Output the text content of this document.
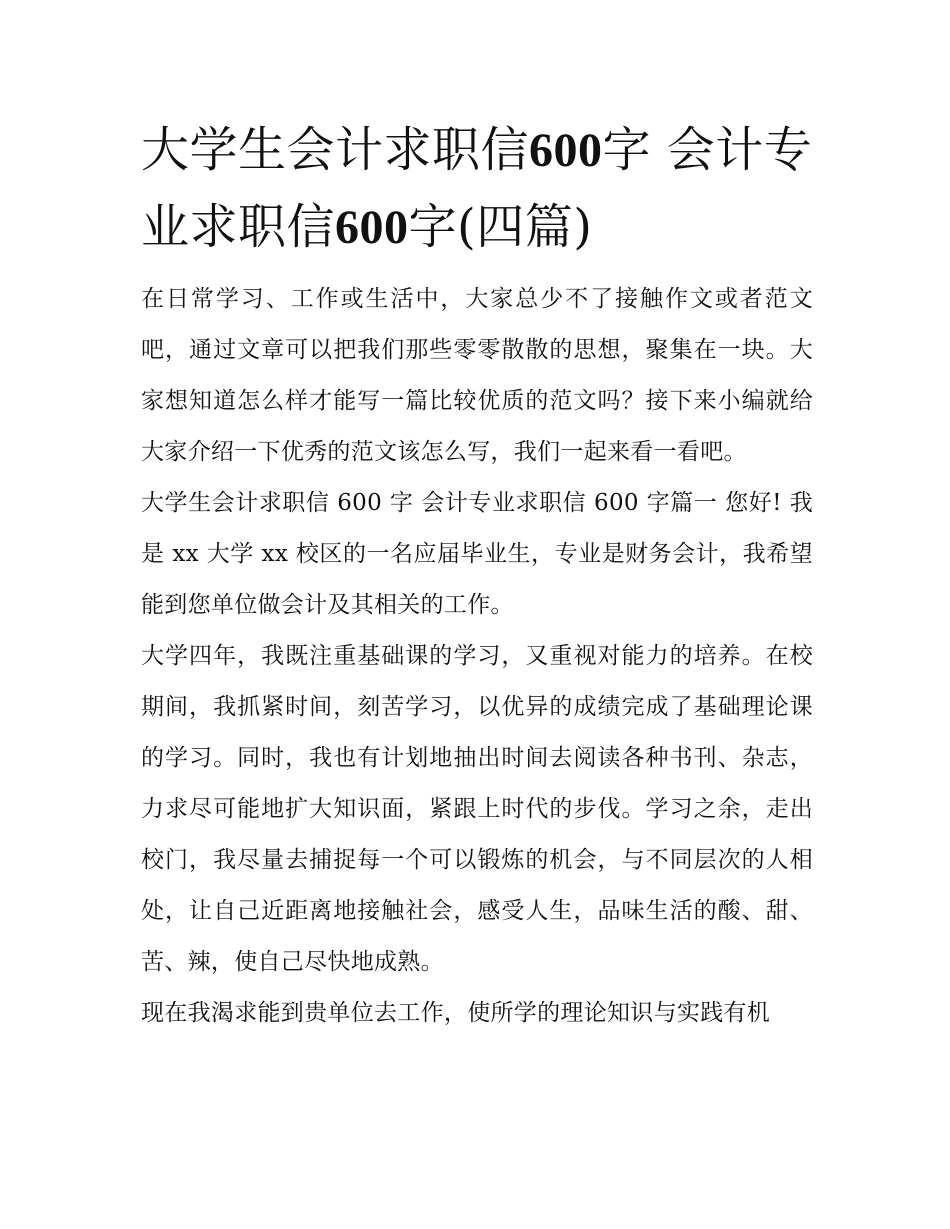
大学生会计求职信600字 会计专业求职信600字(四篇)

在日常学习、工作或生活中，大家总少不了接触作文或者范文吧，通过文章可以把我们那些零零散散的思想，聚集在一块。大家想知道怎么样才能写一篇比较优质的范文吗？接下来小编就给大家介绍一下优秀的范文该怎么写，我们一起来看一看吧。

大学生会计求职信 600 字 会计专业求职信 600 字篇一 您好! 我是 xx 大学 xx 校区的一名应届毕业生，专业是财务会计，我希望能到您单位做会计及其相关的工作。

大学四年，我既注重基础课的学习，又重视对能力的培养。在校期间，我抓紧时间，刻苦学习，以优异的成绩完成了基础理论课的学习。同时，我也有计划地抽出时间去阅读各种书刊、杂志，力求尽可能地扩大知识面，紧跟上时代的步伐。学习之余，走出校门，我尽量去捕捉每一个可以锻炼的机会，与不同层次的人相处，让自己近距离地接触社会，感受人生，品味生活的酸、甜、苦、辣，使自己尽快地成熟。

现在我渴求能到贵单位去工作，使所学的理论知识与实践有机
